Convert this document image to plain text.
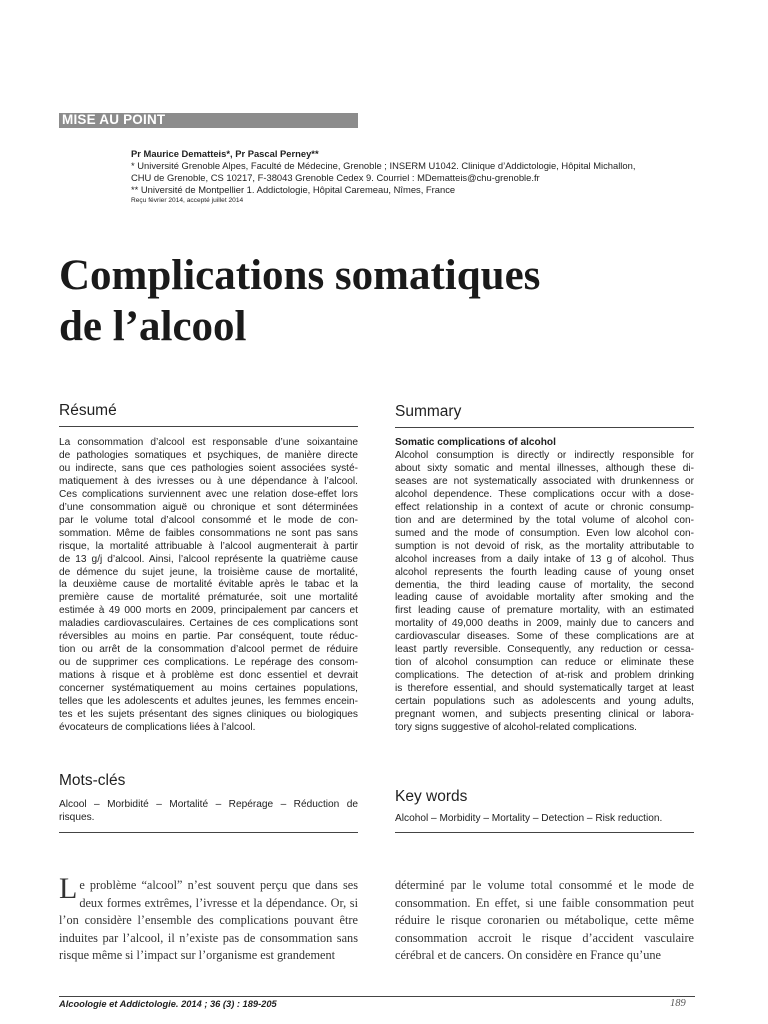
MISE AU POINT
Pr Maurice Dematteis*, Pr Pascal Perney**
* Université Grenoble Alpes, Faculté de Médecine, Grenoble ; INSERM U1042. Clinique d’Addictologie, Hôpital Michallon,
CHU de Grenoble, CS 10217, F-38043 Grenoble Cedex 9. Courriel : MDematteis@chu-grenoble.fr
** Université de Montpellier 1. Addictologie, Hôpital Caremeau, Nîmes, France
Reçu février 2014, accepté juillet 2014
Complications somatiques
de l’alcool
Résumé
La consommation d’alcool est responsable d’une soixantaine
de pathologies somatiques et psychiques, de manière directe
ou indirecte, sans que ces pathologies soient associées systé-
matiquement à des ivresses ou à une dépendance à l’alcool.
Ces complications surviennent avec une relation dose-effet lors
d’une consommation aiguë ou chronique et sont déterminées
par le volume total d’alcool consommé et le mode de con-
sommation. Même de faibles consommations ne sont pas sans
risque, la mortalité attribuable à l’alcool augmenterait à partir
de 13 g/j d’alcool. Ainsi, l’alcool représente la quatrième cause
de démence du sujet jeune, la troisième cause de mortalité,
la deuxième cause de mortalité évitable après le tabac et la
première cause de mortalité prématurée, soit une mortalité
estimée à 49 000 morts en 2009, principalement par cancers et
maladies cardiovasculaires. Certaines de ces complications sont
réversibles au moins en partie. Par conséquent, toute réduc-
tion ou arrêt de la consommation d’alcool permet de réduire
ou de supprimer ces complications. Le repérage des consom-
mations à risque et à problème est donc essentiel et devrait
concerner systématiquement au moins certaines populations,
telles que les adolescents et adultes jeunes, les femmes encein-
tes et les sujets présentant des signes cliniques ou biologiques
évocateurs de complications liées à l’alcool.
Mots-clés
Alcool – Morbidité – Mortalité – Repérage – Réduction de
risques.
Summary
Somatic complications of alcohol
Alcohol consumption is directly or indirectly responsible for
about sixty somatic and mental illnesses, although these di-
seases are not systematically associated with drunkenness or
alcohol dependence. These complications occur with a dose-
effect relationship in a context of acute or chronic consump-
tion and are determined by the total volume of alcohol con-
sumed and the mode of consumption. Even low alcohol con-
sumption is not devoid of risk, as the mortality attributable to
alcohol increases from a daily intake of 13 g of alcohol. Thus
alcohol represents the fourth leading cause of young onset
dementia, the third leading cause of mortality, the second
leading cause of avoidable mortality after smoking and the
first leading cause of premature mortality, with an estimated
mortality of 49,000 deaths in 2009, mainly due to cancers and
cardiovascular diseases. Some of these complications are at
least partly reversible. Consequently, any reduction or cessa-
tion of alcohol consumption can reduce or eliminate these
complications. The detection of at-risk and problem drinking
is therefore essential, and should systematically target at least
certain populations such as adolescents and young adults,
pregnant women, and subjects presenting clinical or labora-
tory signs suggestive of alcohol-related complications.
Key words
Alcohol – Morbidity – Mortality – Detection – Risk reduction.
L e problème “alcool” n’est souvent perçu que dans ses
deux formes extrêmes, l’ivresse et la dépendance. Or, si
l’on considère l’ensemble des complications pouvant être
induites par l’alcool, il n’existe pas de consommation sans
risque même si l’impact sur l’organisme est grandement
déterminé par le volume total consommé et le mode de
consommation. En effet, si une faible consommation peut
réduire le risque coronarien ou métabolique, cette même
consommation accroit le risque d’accident vasculaire
cérébral et de cancers. On considère en France qu’une
Alcoologie et Addictologie. 2014 ; 36 (3) : 189-205	189
